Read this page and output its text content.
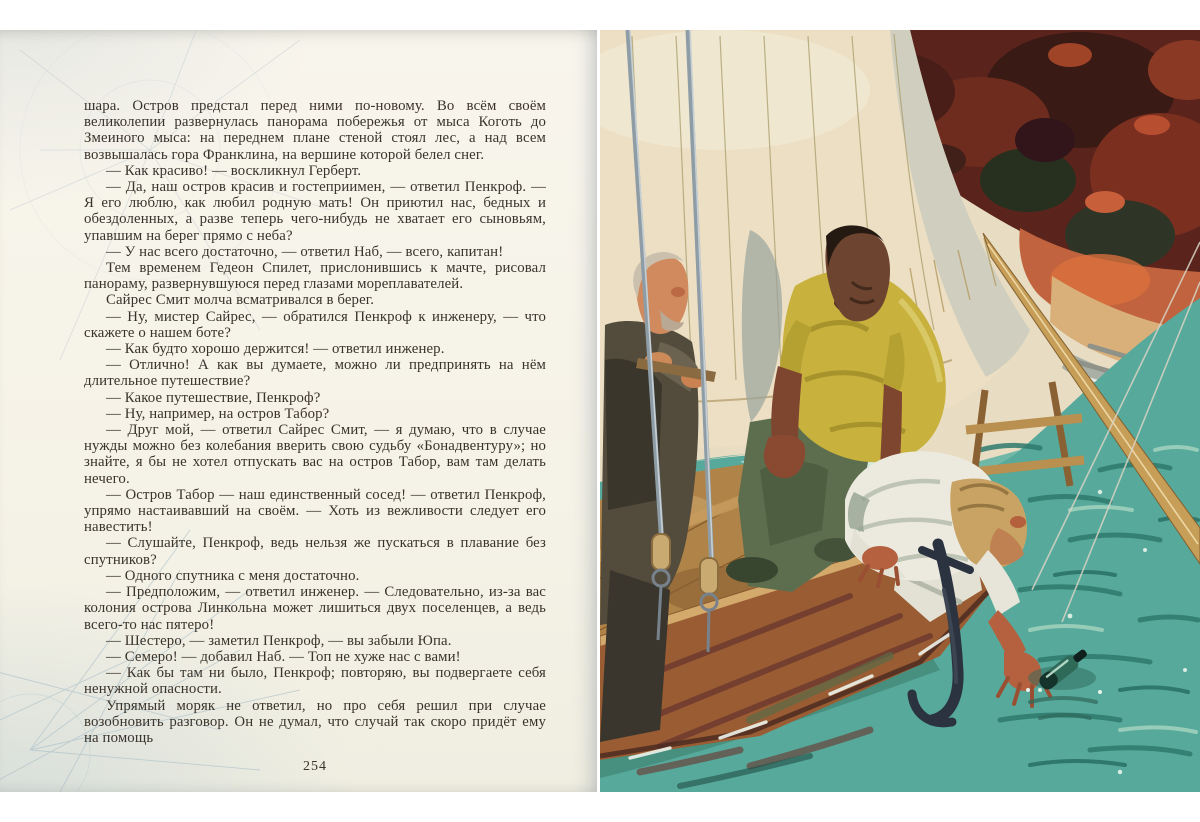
шара. Остров предстал перед ними по-новому. Во всём своём великолепии развернулась панорама побережья от мыса Коготь до Змеиного мыса: на переднем плане стеной стоял лес, а над всем возвышалась гора Франклина, на вершине которой белел снег.

— Как красиво! — воскликнул Герберт.

— Да, наш остров красив и гостеприимен, — ответил Пенкроф. — Я его люблю, как любил родную мать! Он приютил нас, бедных и обездоленных, а разве теперь чего-нибудь не хватает его сыновьям, упавшим на берег прямо с неба?

— У нас всего достаточно, — ответил Наб, — всего, капитан!

Тем временем Гедеон Спилет, прислонившись к мачте, рисовал панораму, развернувшуюся перед глазами мореплавателей.

Сайрес Смит молча всматривался в берег.

— Ну, мистер Сайрес, — обратился Пенкроф к инженеру, — что скажете о нашем боте?

— Как будто хорошо держится! — ответил инженер.

— Отлично! А как вы думаете, можно ли предпринять на нём длительное путешествие?

— Какое путешествие, Пенкроф?

— Ну, например, на остров Табор?

— Друг мой, — ответил Сайрес Смит, — я думаю, что в случае нужды можно без колебания вверить свою судьбу «Бонадвентуру»; но знайте, я бы не хотел отпускать вас на остров Табор, вам там делать нечего.

— Остров Табор — наш единственный сосед! — ответил Пенкроф, упрямо настаивавший на своём. — Хоть из вежливости следует его навестить!

— Слушайте, Пенкроф, ведь нельзя же пускаться в плавание без спутников?

— Одного спутника с меня достаточно.

— Предположим, — ответил инженер. — Следовательно, из-за вас колония острова Линкольна может лишиться двух поселенцев, а ведь всего-то нас пятеро!

— Шестеро, — заметил Пенкроф, — вы забыли Юпа.

— Семеро! — добавил Наб. — Топ не хуже нас с вами!

— Как бы там ни было, Пенкроф; повторяю, вы подвергаете себя ненужной опасности.

Упрямый моряк не ответил, но про себя решил при случае возобновить разговор. Он не думал, что случай так скоро придёт ему на помощь

254
